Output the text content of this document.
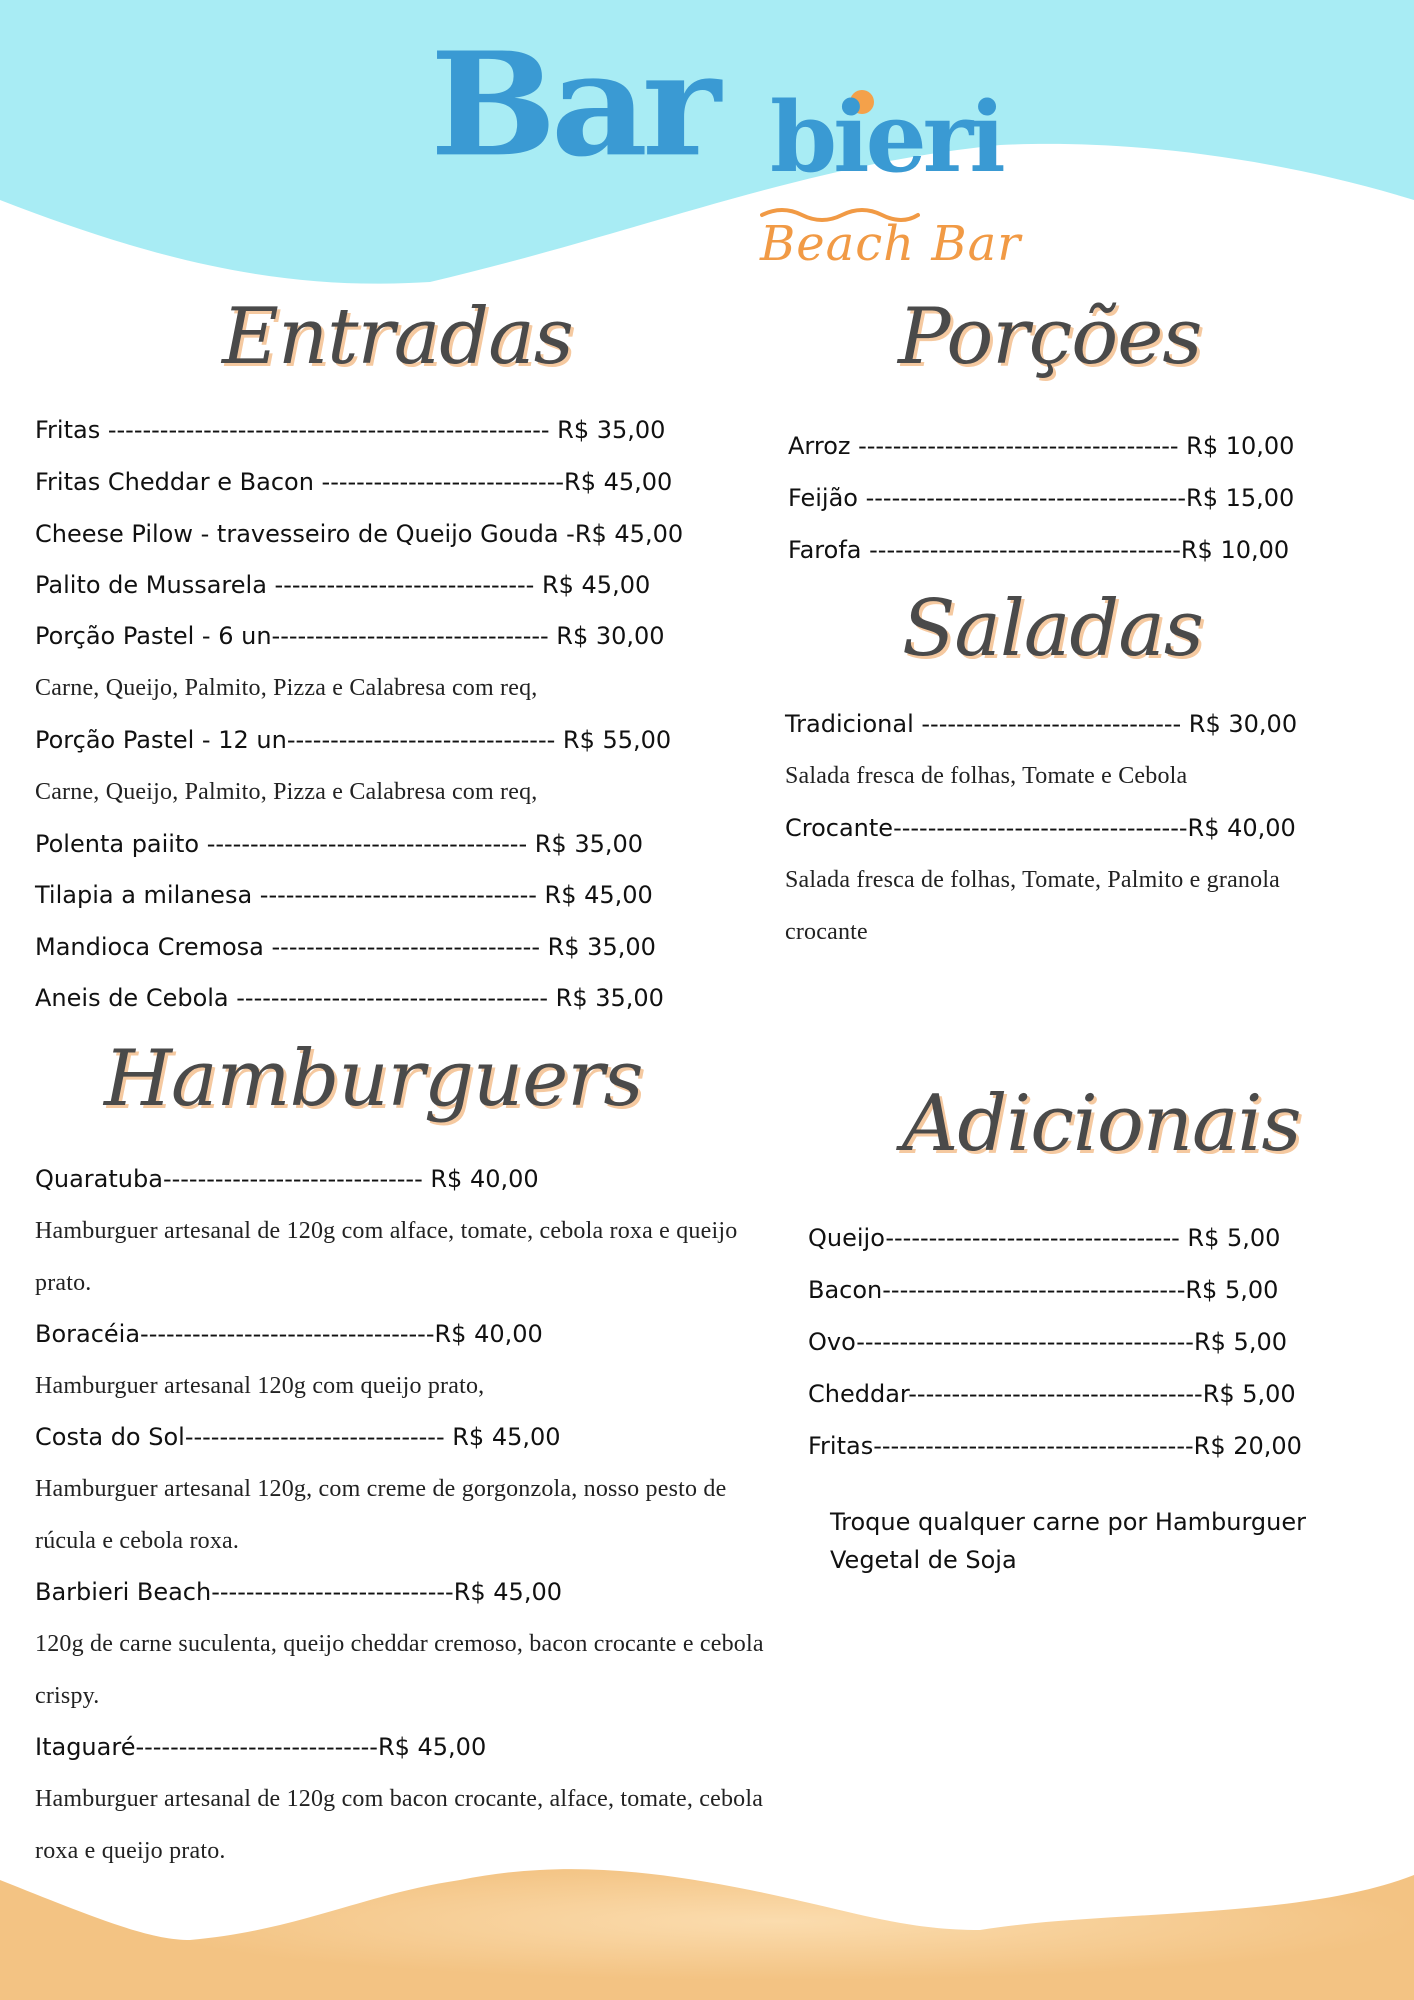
Bar bieri
Beach Bar
Entradas
Fritas --------------------------------------------------- R$ 35,00
Fritas Cheddar e Bacon ----------------------------R$ 45,00
Cheese Pilow - travesseiro de Queijo Gouda -R$ 45,00
Palito de Mussarela ------------------------------ R$ 45,00
Porção Pastel - 6 un-------------------------------- R$ 30,00
Carne, Queijo, Palmito, Pizza e Calabresa com req,
Porção Pastel - 12 un------------------------------- R$ 55,00
Carne, Queijo, Palmito, Pizza e Calabresa com req,
Polenta paiito ------------------------------------- R$ 35,00
Tilapia a milanesa -------------------------------- R$ 45,00
Mandioca Cremosa ------------------------------- R$ 35,00
Aneis de Cebola ------------------------------------ R$ 35,00
Porções
Arroz ------------------------------------- R$ 10,00
Feijão -------------------------------------R$ 15,00
Farofa ------------------------------------R$ 10,00
Saladas
Tradicional ------------------------------ R$ 30,00
Salada fresca de folhas, Tomate e Cebola
Crocante----------------------------------R$ 40,00
Salada fresca de folhas, Tomate, Palmito e granola crocante
Hamburguers
Quaratuba------------------------------ R$ 40,00
Hamburguer artesanal de 120g com alface, tomate, cebola roxa e queijo prato.
Boracéia----------------------------------R$ 40,00
Hamburguer artesanal 120g com queijo prato,
Costa do Sol------------------------------ R$ 45,00
Hamburguer artesanal 120g, com creme de gorgonzola, nosso pesto de rúcula e cebola roxa.
Barbieri Beach----------------------------R$ 45,00
120g de carne suculenta, queijo cheddar cremoso, bacon crocante e cebola crispy.
Itaguaré----------------------------R$ 45,00
Hamburguer artesanal de 120g com bacon crocante, alface, tomate, cebola roxa e queijo prato.
Adicionais
Queijo---------------------------------- R$ 5,00
Bacon-----------------------------------R$ 5,00
Ovo---------------------------------------R$ 5,00
Cheddar----------------------------------R$ 5,00
Fritas-------------------------------------R$ 20,00
Troque qualquer carne por Hamburguer Vegetal de Soja
